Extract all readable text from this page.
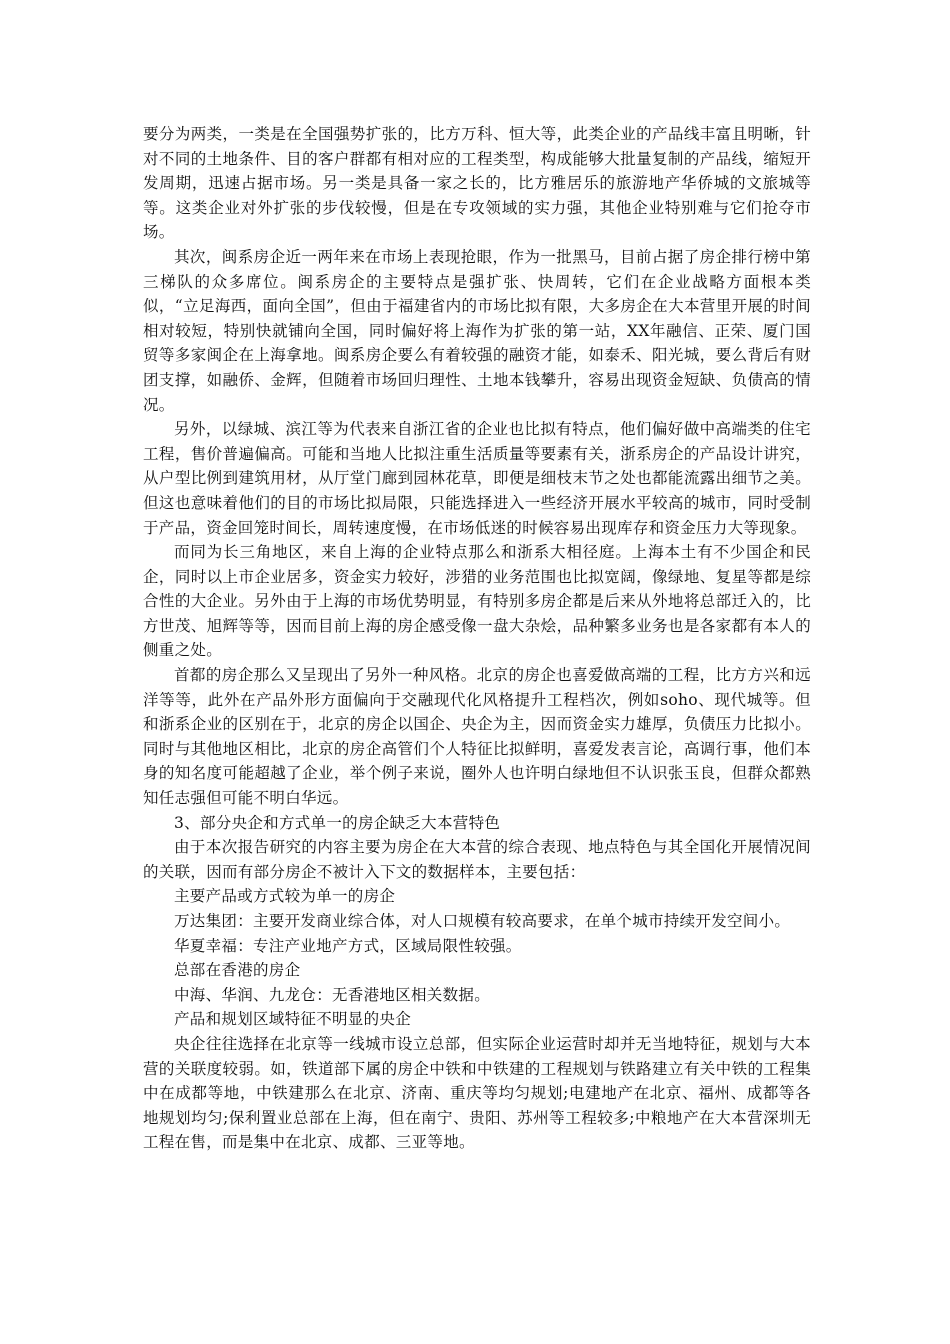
要分为两类，一类是在全国强势扩张的，比方万科、恒大等，此类企业的产品线丰富且明晰，针对不同的土地条件、目的客户群都有相对应的工程类型，构成能够大批量复制的产品线，缩短开发周期，迅速占据市场。另一类是具备一家之长的，比方雅居乐的旅游地产华侨城的文旅城等等。这类企业对外扩张的步伐较慢，但是在专攻领域的实力强，其他企业特别难与它们抢夺市场。

其次，闽系房企近一两年来在市场上表现抢眼，作为一批黑马，目前占据了房企排行榜中第三梯队的众多席位。闽系房企的主要特点是强扩张、快周转，它们在企业战略方面根本类似，“立足海西，面向全国”，但由于福建省内的市场比拟有限，大多房企在大本营里开展的时间相对较短，特别快就铺向全国，同时偏好将上海作为扩张的第一站，XX年融信、正荣、厦门国贸等多家闽企在上海拿地。闽系房企要么有着较强的融资才能，如泰禾、阳光城，要么背后有财团支撑，如融侨、金辉，但随着市场回归理性、土地本钱攀升，容易出现资金短缺、负债高的情况。

另外，以绿城、滨江等为代表来自浙江省的企业也比拟有特点，他们偏好做中高端类的住宅工程，售价普遍偏高。可能和当地人比拟注重生活质量等要素有关，浙系房企的产品设计讲究，从户型比例到建筑用材，从厅堂门廊到园林花草，即便是细枝末节之处也都能流露出细节之美。但这也意味着他们的目的市场比拟局限，只能选择进入一些经济开展水平较高的城市，同时受制于产品，资金回笼时间长，周转速度慢，在市场低迷的时候容易出现库存和资金压力大等现象。

而同为长三角地区，来自上海的企业特点那么和浙系大相径庭。上海本土有不少国企和民企，同时以上市企业居多，资金实力较好，涉猎的业务范围也比拟宽阔，像绿地、复星等都是综合性的大企业。另外由于上海的市场优势明显，有特别多房企都是后来从外地将总部迁入的，比方世茂、旭辉等等，因而目前上海的房企感受像一盘大杂烩，品种繁多业务也是各家都有本人的侧重之处。

首都的房企那么又呈现出了另外一种风格。北京的房企也喜爱做高端的工程，比方方兴和远洋等等，此外在产品外形方面偏向于交融现代化风格提升工程档次，例如soho、现代城等。但和浙系企业的区别在于，北京的房企以国企、央企为主，因而资金实力雄厚，负债压力比拟小。同时与其他地区相比，北京的房企高管们个人特征比拟鲜明，喜爱发表言论，高调行事，他们本身的知名度可能超越了企业，举个例子来说，圈外人也许明白绿地但不认识张玉良，但群众都熟知任志强但可能不明白华远。

3、部分央企和方式单一的房企缺乏大本营特色

由于本次报告研究的内容主要为房企在大本营的综合表现、地点特色与其全国化开展情况间的关联，因而有部分房企不被计入下文的数据样本，主要包括：

主要产品或方式较为单一的房企

万达集团：主要开发商业综合体，对人口规模有较高要求，在单个城市持续开发空间小。

华夏幸福：专注产业地产方式，区域局限性较强。

总部在香港的房企

中海、华润、九龙仓：无香港地区相关数据。

产品和规划区域特征不明显的央企

央企往往选择在北京等一线城市设立总部，但实际企业运营时却并无当地特征，规划与大本营的关联度较弱。如，铁道部下属的房企中铁和中铁建的工程规划与铁路建立有关中铁的工程集中在成都等地，中铁建那么在北京、济南、重庆等均匀规划;电建地产在北京、福州、成都等各地规划均匀;保利置业总部在上海，但在南宁、贵阳、苏州等工程较多;中粮地产在大本营深圳无工程在售，而是集中在北京、成都、三亚等地。
